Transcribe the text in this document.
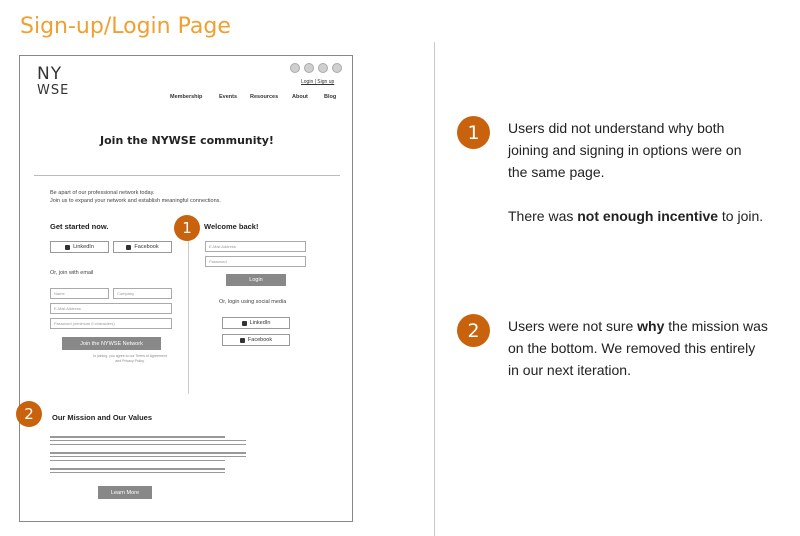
Sign-up/Login Page
NY
WSE
Login | Sign up
Membership	Events Resources	About	Blog
Join the NYWSE community!
Be apart of our professional network today.
Join us to expand your network and establish meaningful connections.
Get started now.
LinkedIn	Facebook
Or, join with email
Name	Company
E-Mail Address
Password (minimum 6 characters)
Join the NYWSE Network
In joining, you agree to our Terms of Agreement and Privacy Policy.
Welcome back!
E-Mail Address
Password
Login
Or, login using social media
LinkedIn
Facebook
Our Mission and Our Values
Learn More
1
2
1	Users did not understand why both
joining and signing in options were on
the same page.
There was not enough incentive to join.
2	Users were not sure why the mission was
on the bottom. We removed this entirely
in our next iteration.
